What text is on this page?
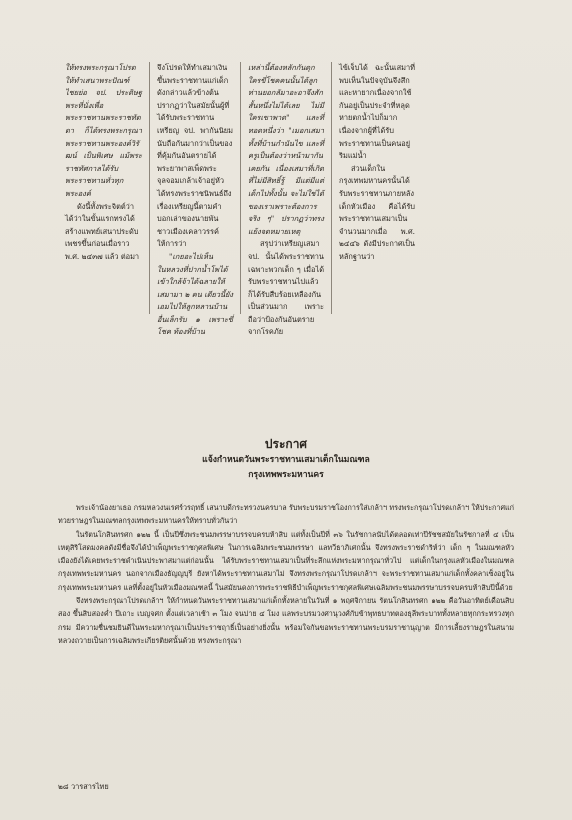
ให้ทรงพระกรุณาโปรดให้ทำเสนาพระปัณฑ์ไชยย่อ จป. ประดิษฐพระที่นั่งเพื่อพระราชทานพระราชทัดดา ก็ได้ทรงพระกรุณาพระราชทานพระองค์วิรัฒน์ เป็นพิเศษ แม้พระราชทัศกาลได้รับพระราชทานทั่วทุกพระองค์

ดังนี้ทั้งพระจิตต์ว่าได้ว่าในขั้นแรกทรงได้สร้างแพทย์เสนาประดับเพชรขึ้นก่อนเมื่อราว พ.ศ. ๒๔๓๗ แล้ว ต่อมา

จึงโปรดให้ทำเสมาเงินขึ้นพระราชทานแก่เด็กดังกล่าวแล้วข้างต้น ปรากฏว่าในสมัยนั้นผู้ที่ได้รับพระราชทานเหรียญ จป. พากันนิยมนับถือกันมากว่าเป็นของที่คุ้มกันอันตรายได้ พระยาพาสเพ็ดพระจุลจอมเกล้าเจ้าอยู่หัว ได้ทรงพระราชนิพนธ์ถึงเรื่องเหรียญนี้ตามคำบอกเล่าของนายพัน ชาวเมืองเคลาวรรค์ให้การว่า

"เกยอะไปเห็นในหลวงที่ปากน้ำโพได้เข้าใกล้จ้าได้ฉลายให้เสมามา ๒ คน เดียวนี้ยังเอมไปให้ลูกหลานบ้านอื่นเล็กรับ ๑ เพราะขี่โชค ท้องที่บ้าน

เหล่านี้ต้องหลักกันดุก ใครขี่โชคคนนั้นได้ลูก ท่านยอกลัมาอะอาจึงสักสั้นหนึ่งไม่ได้เลย ไม่มีใครเขาพาด" และที่ทอดหนึ่งว่า "เมอกเสมาทั้งที่บ้านกำนันไข และที่ครูเป็นต้องว่าหน้ามากันเคยกัน เนื่องเสมาที่เกิดที่ไม่มีสิทธิ์รู้ มีแต่มีแต่เด็กไปทั้งนั้น จะไม่ใช่ได้ของเราเพราะต้องการจริง ๆ" ปรากฏว่าทรงแย้งจดหมายเหตุ

สรุปว่าเหรียญเสมา จป. นั้นได้พระราชทานเฉพาะพวกเด็ก ๆ เมื่อได้รับพระราชทานไปแล้วก็ได้รับสืบร้อยเหลืองกันเป็นส่วนมาก เพราะถือว่าป้องกันอันตรายจากโรคภัย

ไข้เจ็บได้ ฉะนั้นเสมาที่พบเห็นในปัจจุบันจึงสึกและหายากเนื่องจากใช้กันอยู่เป็นประจำที่หลุดหายตกน้ำไปก็มาก เนื่องจากผู้ที่ได้รับพระราชทานเป็นคนอยู่ริมแม่น้ำ

ส่วนเด็กในกรุงเทพมหานครนั้นได้รับพระราชทานภายหลังเด็กหัวเมือง คือได้รับพระราชทานเสมาเป็นจำนวนมากเมื่อ พ.ศ. ๒๔๔๖ ดังมีประกาศเป็นหลักฐานว่า

ประกาศ
แจ้งกำหนดวันพระราชทานเสมาเด็กในมณฑล
กรุงเทพพระมหานคร

พระเจ้าน้องยาเธอ กรมหลวงนเรศร์วรฤทธิ์ เสนาบดีกระทรวงนครบาล รับพระบรมราชโองการใส่เกล้าฯ ทรงพระกรุณาโปรดเกล้าฯ ให้ประกาศแก่ทวยราษฎรในมณฑลกรุงเทพพระมหานครให้ทราบทั่วกันว่า

ในรัตนโกสินทรศก ๑๒๒ นี้ เป็นปีซึ่งพระชนมพรรษาบรรจบครบห้าสิบ แต่ทั้งเป็นปีที่ ๓๖ ในรัชกาลนับได้ตลอดเท่าปีรัชชสมัยในรัชกาลที่ ๔ เป็นเหตุสิริโสดมงคลดังมีชื่อจึงได้บำเพ็ญพระราชกุศลพิเศษ ในการเฉลิมพระชนมพรรษา แลทวีธาภิเศกนั้น จึงทรงพระราชดำริห์ว่า เด็ก ๆ ในมณฑลหัวเมืองยังได้เคยพระราชดำเนินประพาสมาแต่ก่อนนั้น ได้รับพระราชทานเสมาเป็นที่ระลึกแห่งพระมหากรุณาทั่วไป แต่เด็กในกรุงแลหัวเมืองในมณฑลกรุงเทพพระมหานคร นอกจากเมืองธัญญบุรี ยังหาได้พระราชทานเสมาไม่ จึงทรงพระกรุณาโปรดเกล้าฯ จะพระราชทานเสมาแก่เด็กทั้งคลาเซ็งอยู่ในกรุงเทพพระมหานคร แลที่ตั้งอยู่ในหัวเมืองมณฑลนี้ ในสมัยนดงการพระราชพิธีบำเพ็ญพระราชกุศลพิเศษเฉลิมพระชนมพรรษาบรรจบครบห้าสิบปีนี้ด้วย

จึงทรงพระกรุณาโปรดเกล้าฯ ให้กำหนดวันพระราชทานเสมาแก่เด็กทั้งหลายในวันที่ ๑ พฤศจิกายน รัตนโกสินทรศก ๑๒๒ คือวันอาทิตย์เดือนสิบสอง ขึ้นสิบสองค่ำ ปีเถาะ เบญจศก ตั้งแต่เวลาเช้า ๓ โมง จนบ่าย ๔ โมง แลพระบรมวงศานุวงศ์กับข้าพุทธบาทตองธุลีพระบาททั้งหลายทุกกระทรวงทุกกรม มีความชื่นชมยินดีในพระมหากรุณาเป็นประราชฤาธิ์เป็นอย่างยิ่งนั้น พร้อมใจกันขอพระราชทานพระบรมราชานุญาต มีการเลี้ยงราษฎรในสนามหลวงถวายเป็นการเฉลิมพระเกียรติยศนั้นด้วย ทรงพระกรุณา

๒๘ วารสารไทย
